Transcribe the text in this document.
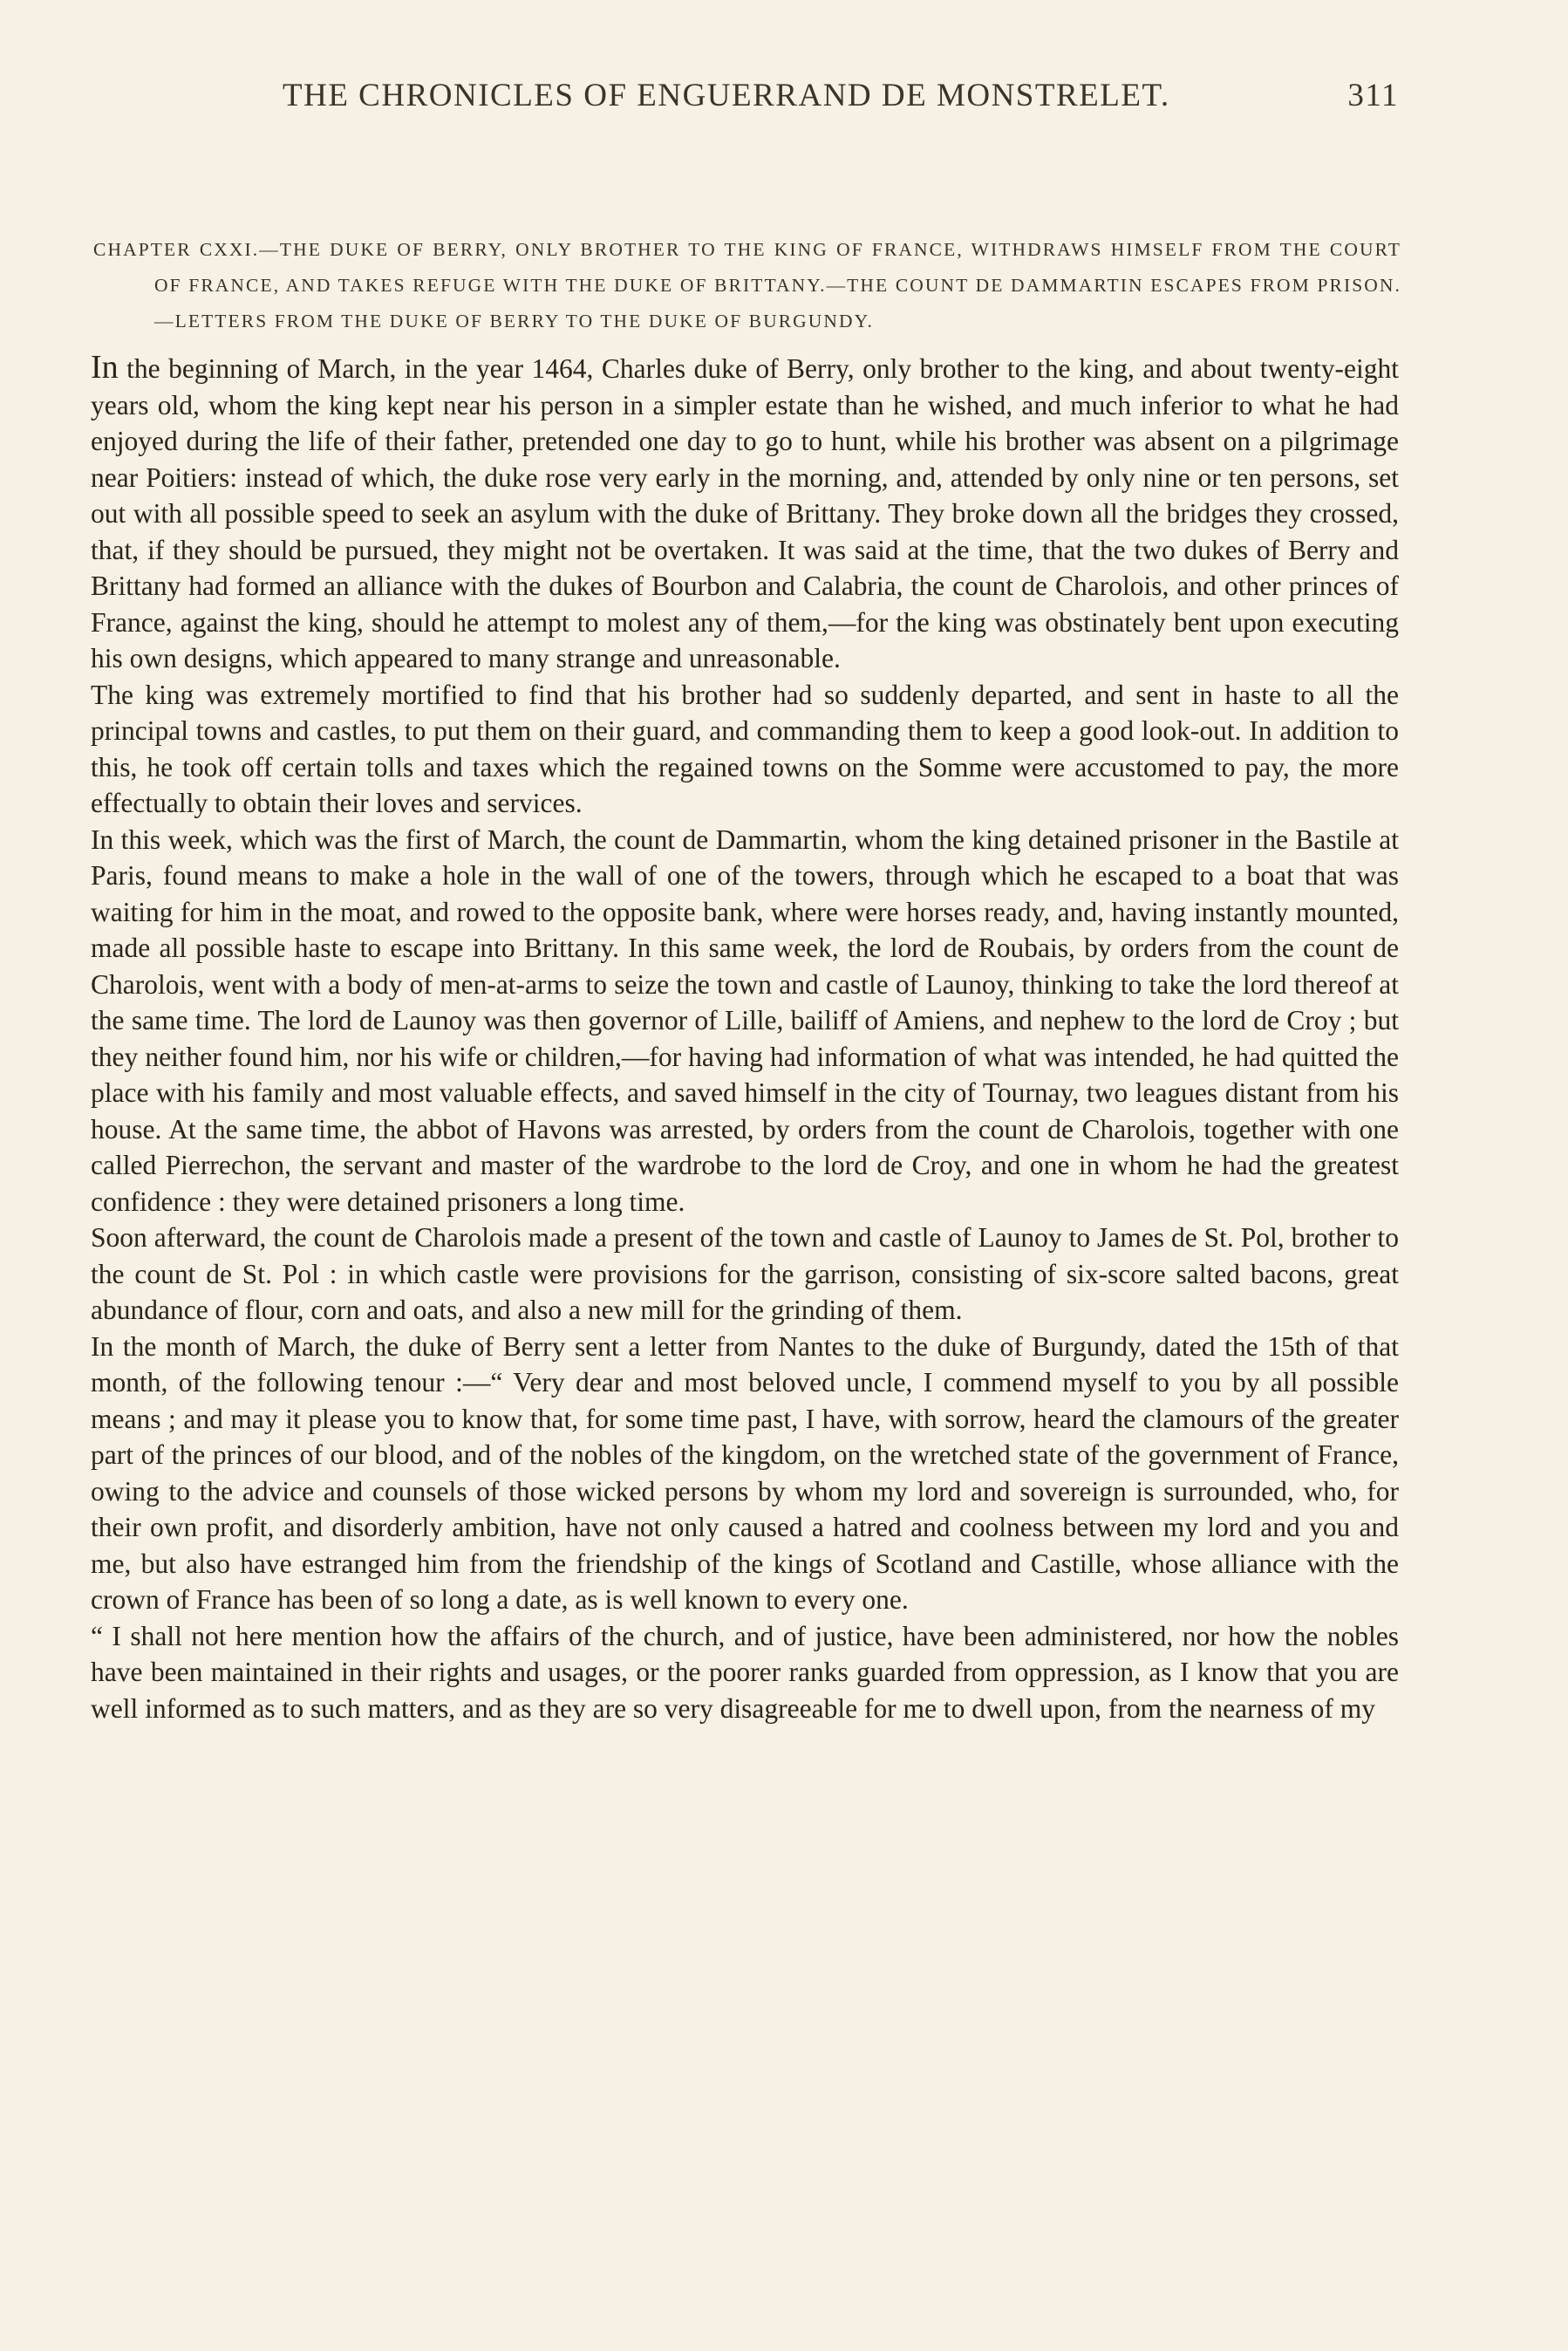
THE CHRONICLES OF ENGUERRAND DE MONSTRELET.	311
CHAPTER CXXI.—THE DUKE OF BERRY, ONLY BROTHER TO THE KING OF FRANCE, WITHDRAWS HIMSELF FROM THE COURT OF FRANCE, AND TAKES REFUGE WITH THE DUKE OF BRITTANY.—THE COUNT DE DAMMARTIN ESCAPES FROM PRISON.—LETTERS FROM THE DUKE OF BERRY TO THE DUKE OF BURGUNDY.

In the beginning of March, in the year 1464, Charles duke of Berry, only brother to the king, and about twenty-eight years old, whom the king kept near his person in a simpler estate than he wished, and much inferior to what he had enjoyed during the life of their father, pretended one day to go to hunt, while his brother was absent on a pilgrimage near Poitiers: instead of which, the duke rose very early in the morning, and, attended by only nine or ten persons, set out with all possible speed to seek an asylum with the duke of Brittany. They broke down all the bridges they crossed, that, if they should be pursued, they might not be overtaken. It was said at the time, that the two dukes of Berry and Brittany had formed an alliance with the dukes of Bourbon and Calabria, the count de Charolois, and other princes of France, against the king, should he attempt to molest any of them,—for the king was obstinately bent upon executing his own designs, which appeared to many strange and unreasonable.

The king was extremely mortified to find that his brother had so suddenly departed, and sent in haste to all the principal towns and castles, to put them on their guard, and commanding them to keep a good look-out. In addition to this, he took off certain tolls and taxes which the regained towns on the Somme were accustomed to pay, the more effectually to obtain their loves and services.

In this week, which was the first of March, the count de Dammartin, whom the king detained prisoner in the Bastile at Paris, found means to make a hole in the wall of one of the towers, through which he escaped to a boat that was waiting for him in the moat, and rowed to the opposite bank, where were horses ready, and, having instantly mounted, made all possible haste to escape into Brittany. In this same week, the lord de Roubais, by orders from the count de Charolois, went with a body of men-at-arms to seize the town and castle of Launoy, thinking to take the lord thereof at the same time. The lord de Launoy was then governor of Lille, bailiff of Amiens, and nephew to the lord de Croy ; but they neither found him, nor his wife or children,—for having had information of what was intended, he had quitted the place with his family and most valuable effects, and saved himself in the city of Tournay, two leagues distant from his house. At the same time, the abbot of Havons was arrested, by orders from the count de Charolois, together with one called Pierrechon, the servant and master of the wardrobe to the lord de Croy, and one in whom he had the greatest confidence : they were detained prisoners a long time.

Soon afterward, the count de Charolois made a present of the town and castle of Launoy to James de St. Pol, brother to the count de St. Pol : in which castle were provisions for the garrison, consisting of six-score salted bacons, great abundance of flour, corn and oats, and also a new mill for the grinding of them.

In the month of March, the duke of Berry sent a letter from Nantes to the duke of Burgundy, dated the 15th of that month, of the following tenour :—“ Very dear and most beloved uncle, I commend myself to you by all possible means ; and may it please you to know that, for some time past, I have, with sorrow, heard the clamours of the greater part of the princes of our blood, and of the nobles of the kingdom, on the wretched state of the government of France, owing to the advice and counsels of those wicked persons by whom my lord and sovereign is surrounded, who, for their own profit, and disorderly ambition, have not only caused a hatred and coolness between my lord and you and me, but also have estranged him from the friendship of the kings of Scotland and Castille, whose alliance with the crown of France has been of so long a date, as is well known to every one.

“ I shall not here mention how the affairs of the church, and of justice, have been administered, nor how the nobles have been maintained in their rights and usages, or the poorer ranks guarded from oppression, as I know that you are well informed as to such matters, and as they are so very disagreeable for me to dwell upon, from the nearness of my
